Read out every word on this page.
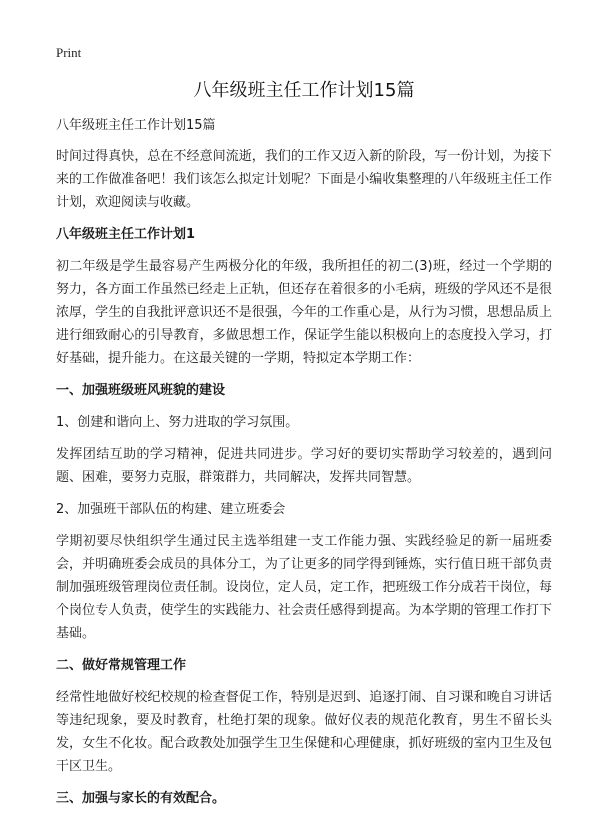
Print
八年级班主任工作计划15篇
八年级班主任工作计划15篇

时间过得真快，总在不经意间流逝，我们的工作又迈入新的阶段，写一份计划，为接下来的工作做准备吧！我们该怎么拟定计划呢？下面是小编收集整理的八年级班主任工作计划，欢迎阅读与收藏。

八年级班主任工作计划1

初二年级是学生最容易产生两极分化的年级，我所担任的初二(3)班，经过一个学期的努力，各方面工作虽然已经走上正轨，但还存在着很多的小毛病，班级的学风还不是很浓厚，学生的自我批评意识还不是很强，今年的工作重心是，从行为习惯，思想品质上进行细致耐心的引导教育，多做思想工作，保证学生能以积极向上的态度投入学习，打好基础，提升能力。在这最关键的一学期，特拟定本学期工作：

一、加强班级班风班貌的建设

1、创建和谐向上、努力进取的学习氛围。

发挥团结互助的学习精神，促进共同进步。学习好的要切实帮助学习较差的，遇到问题、困难，要努力克服，群策群力，共同解决，发挥共同智慧。

2、加强班干部队伍的构建、建立班委会

学期初要尽快组织学生通过民主选举组建一支工作能力强、实践经验足的新一届班委会，并明确班委会成员的具体分工，为了让更多的同学得到锤炼，实行值日班干部负责制加强班级管理岗位责任制。设岗位，定人员，定工作，把班级工作分成若干岗位，每个岗位专人负责，使学生的实践能力、社会责任感得到提高。为本学期的管理工作打下基础。

二、做好常规管理工作

经常性地做好校纪校规的检查督促工作，特别是迟到、追逐打闹、自习课和晚自习讲话等违纪现象，要及时教育，杜绝打架的现象。做好仪表的规范化教育，男生不留长头发，女生不化妆。配合政教处加强学生卫生保健和心理健康，抓好班级的室内卫生及包干区卫生。

三、加强与家长的有效配合。
